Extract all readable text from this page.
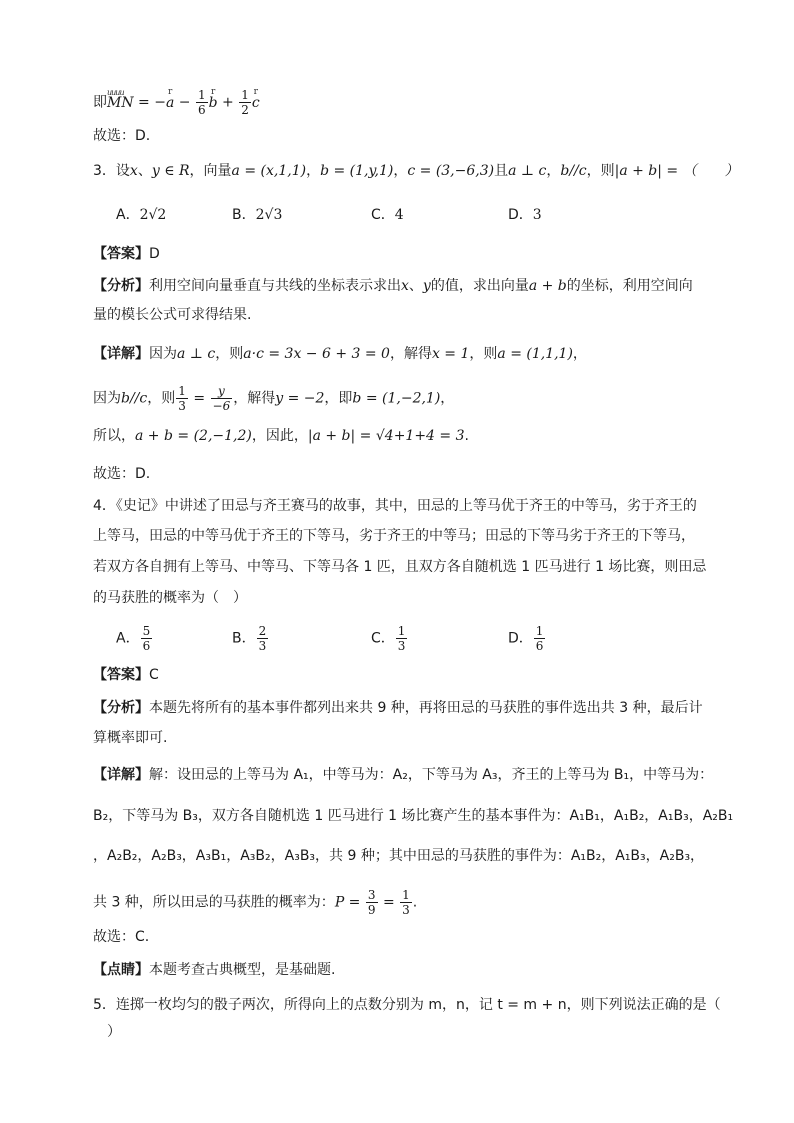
即uuuu MN = −r $a - \frac{1}{6}$ r $b + \frac{1}{2}$ r c
故选：D.
3．设x、y ∈ R，向量a = (x,1,1)，b = (1,y,1)，c = (3,−6,3)且a ⊥ c，b//c，则|a + b| = （　　）
A．2√2	B．2√3	C．4	D．3
【答案】D
【分析】利用空间向量垂直与共线的坐标表示求出x、y的值，求出向量a + b的坐标，利用空间向
量的模长公式可求得结果.
【详解】因为a ⊥ c，则a·c = 3x − 6 + 3 = 0，解得x = 1，则a = (1,1,1)，
因为b//c，则 $\frac{1}{3} = \frac{y}{-6}$ ，解得y = −2，即b = (1,−2,1)，
所以，a + b = (2,−1,2)，因此，|a + b| = √4+1+4 = 3.
故选：D.
4．《史记》中讲述了田忌与齐王赛马的故事，其中，田忌的上等马优于齐王的中等马，劣于齐王的
上等马，田忌的中等马优于齐王的下等马，劣于齐王的中等马；田忌的下等马劣于齐王的下等马，
若双方各自拥有上等马、中等马、下等马各 1 匹，且双方各自随机选 1 匹马进行 1 场比赛，则田忌
的马获胜的概率为（　）
A． $\frac{5}{6}$	B． $\frac{2}{3}$	C． $\frac{1}{3}$	D． $\frac{1}{6}$
【答案】C
【分析】本题先将所有的基本事件都列出来共 9 种，再将田忌的马获胜的事件选出共 3 种，最后计
算概率即可.
【详解】解：设田忌的上等马为 A₁，中等马为：A₂，下等马为 A₃，齐王的上等马为 B₁，中等马为：
B₂，下等马为 B₃，双方各自随机选 1 匹马进行 1 场比赛产生的基本事件为：A₁B₁，A₁B₂，A₁B₃，A₂B₁
，A₂B₂，A₂B₃，A₃B₁，A₃B₂，A₃B₃，共 9 种；其中田忌的马获胜的事件为：A₁B₂，A₁B₃，A₂B₃，
共 3 种，所以田忌的马获胜的概率为：$P = \frac{3}{9} = \frac{1}{3}$ .
故选：C.
【点睛】本题考查古典概型，是基础题.
5．连掷一枚均匀的骰子两次，所得向上的点数分别为 m，n，记 t = m + n，则下列说法正确的是（
　）
